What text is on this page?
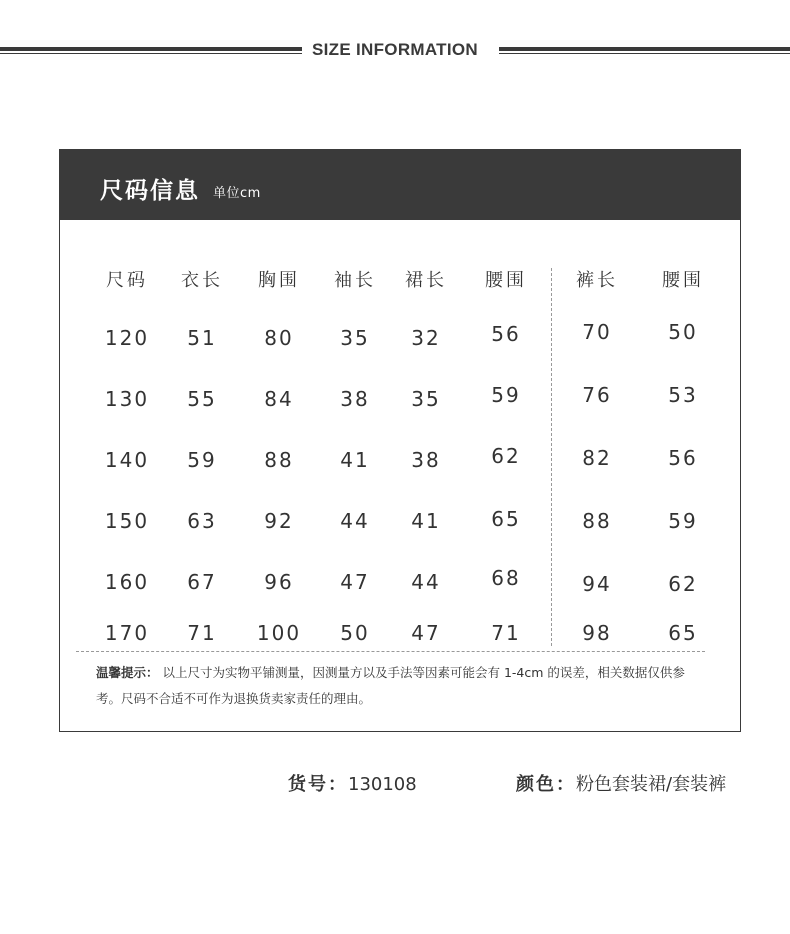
SIZE INFORMATION
尺码信息 单位cm
温馨提示： 以上尺寸为实物平铺测量，因测量方以及手法等因素可能会有 1-4cm 的误差，相关数据仅供参考。尺码不合适不可作为退换货卖家责任的理由。
尺码	衣长	胸围	袖长	裙长	腰围	裤长	腰围
120	51	80	35	32	56	70	50
130	55	84	38	35	59	76	53
140	59	88	41	38	62	82	56
150	63	92	44	41	65	88	59
160	67	96	47	44	68	94	62
170	71	100	50	47	71	98	65
货号：130108	颜色：粉色套装裙/套装裤
